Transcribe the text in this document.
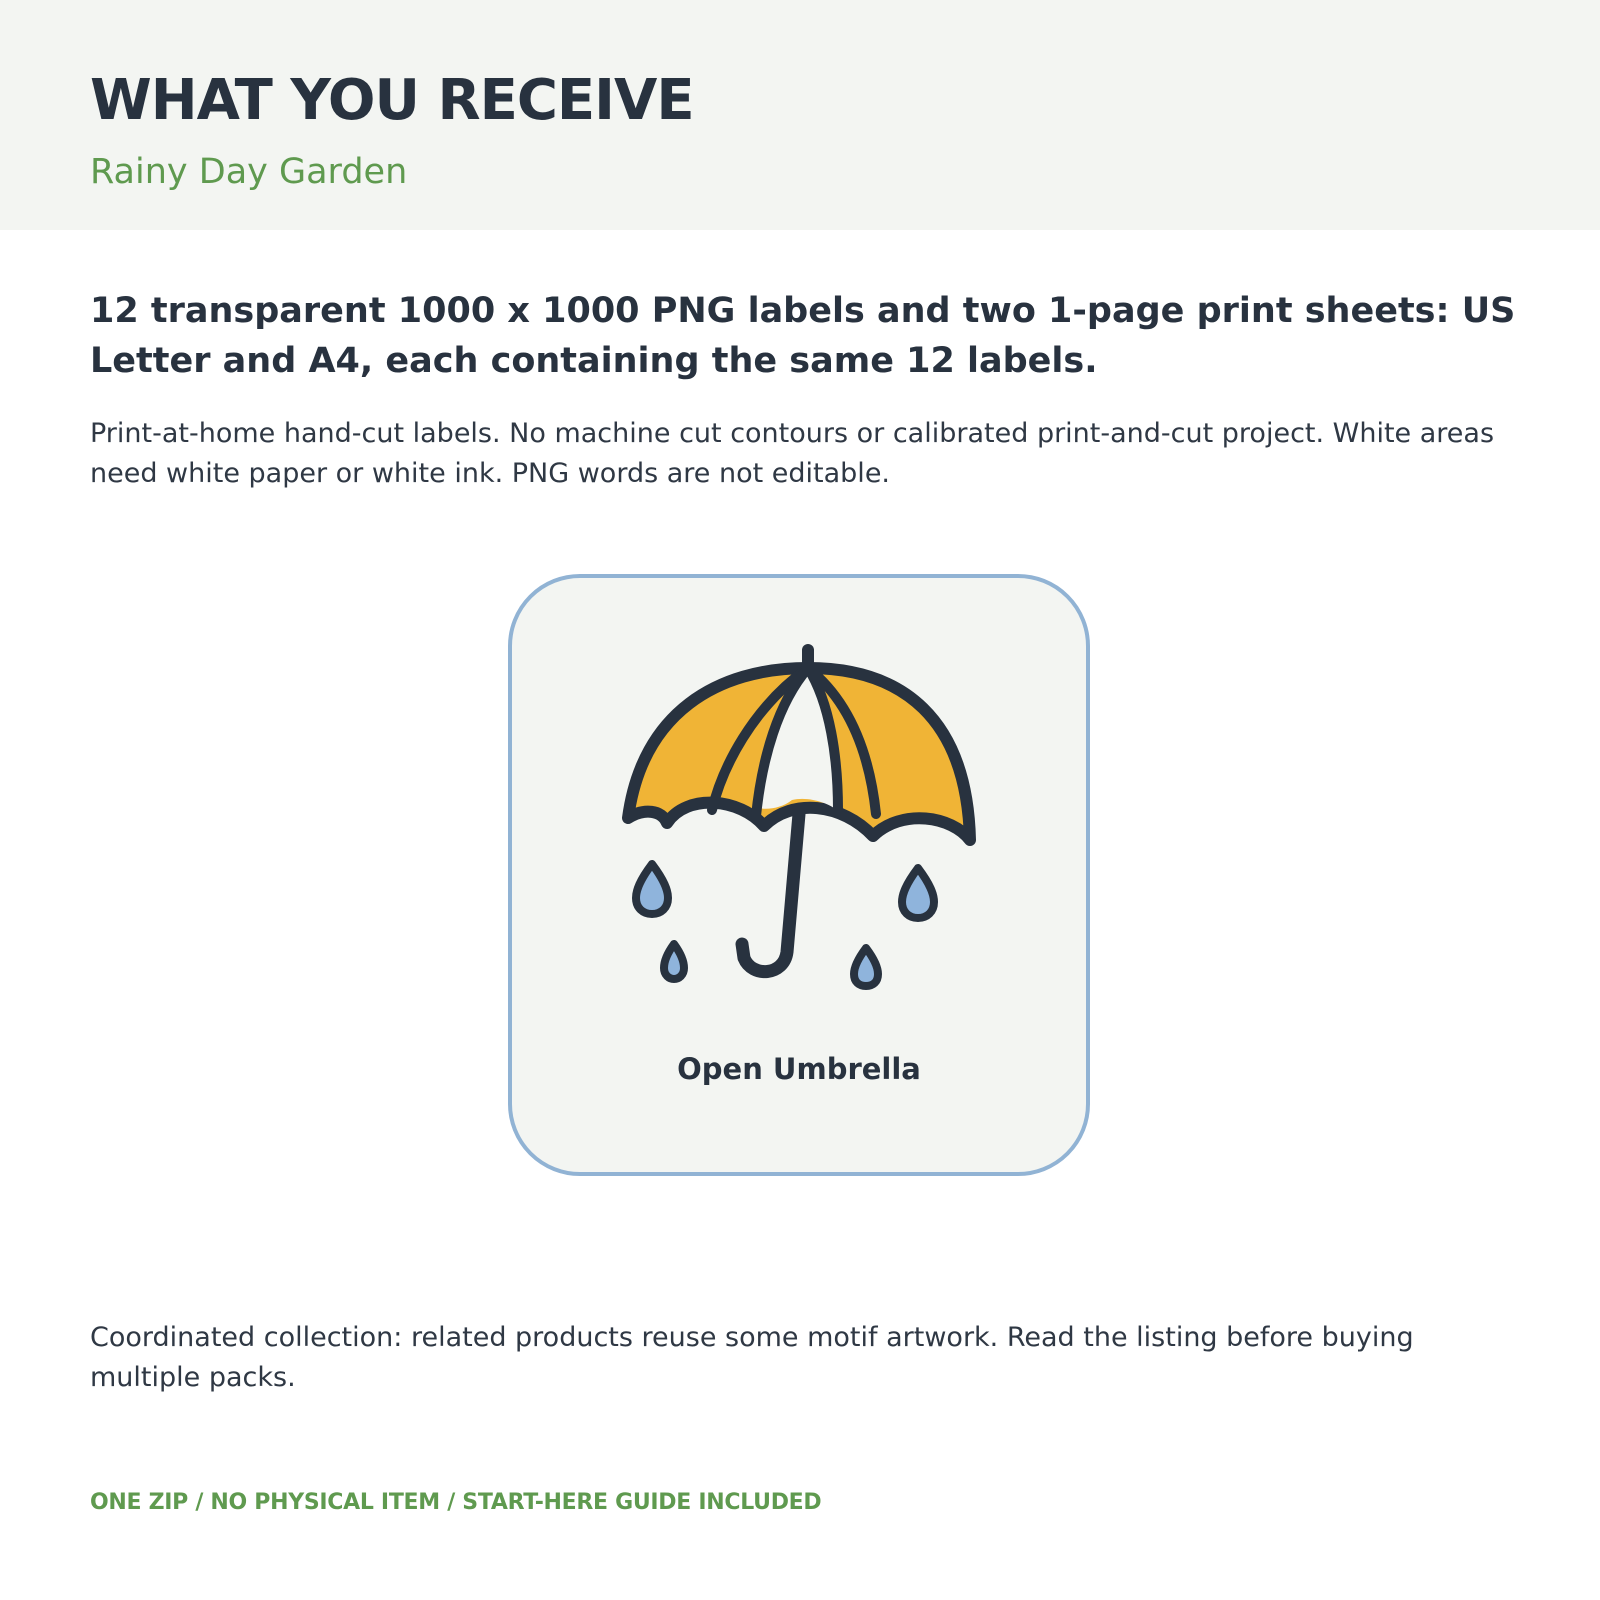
WHAT YOU RECEIVE
Rainy Day Garden
12 transparent 1000 x 1000 PNG labels and two 1-page print sheets: US Letter and A4, each containing the same 12 labels.
Print-at-home hand-cut labels. No machine cut contours or calibrated print-and-cut project. White areas need white paper or white ink. PNG words are not editable.
Open Umbrella
Coordinated collection: related products reuse some motif artwork. Read the listing before buying multiple packs.
ONE ZIP / NO PHYSICAL ITEM / START-HERE GUIDE INCLUDED
